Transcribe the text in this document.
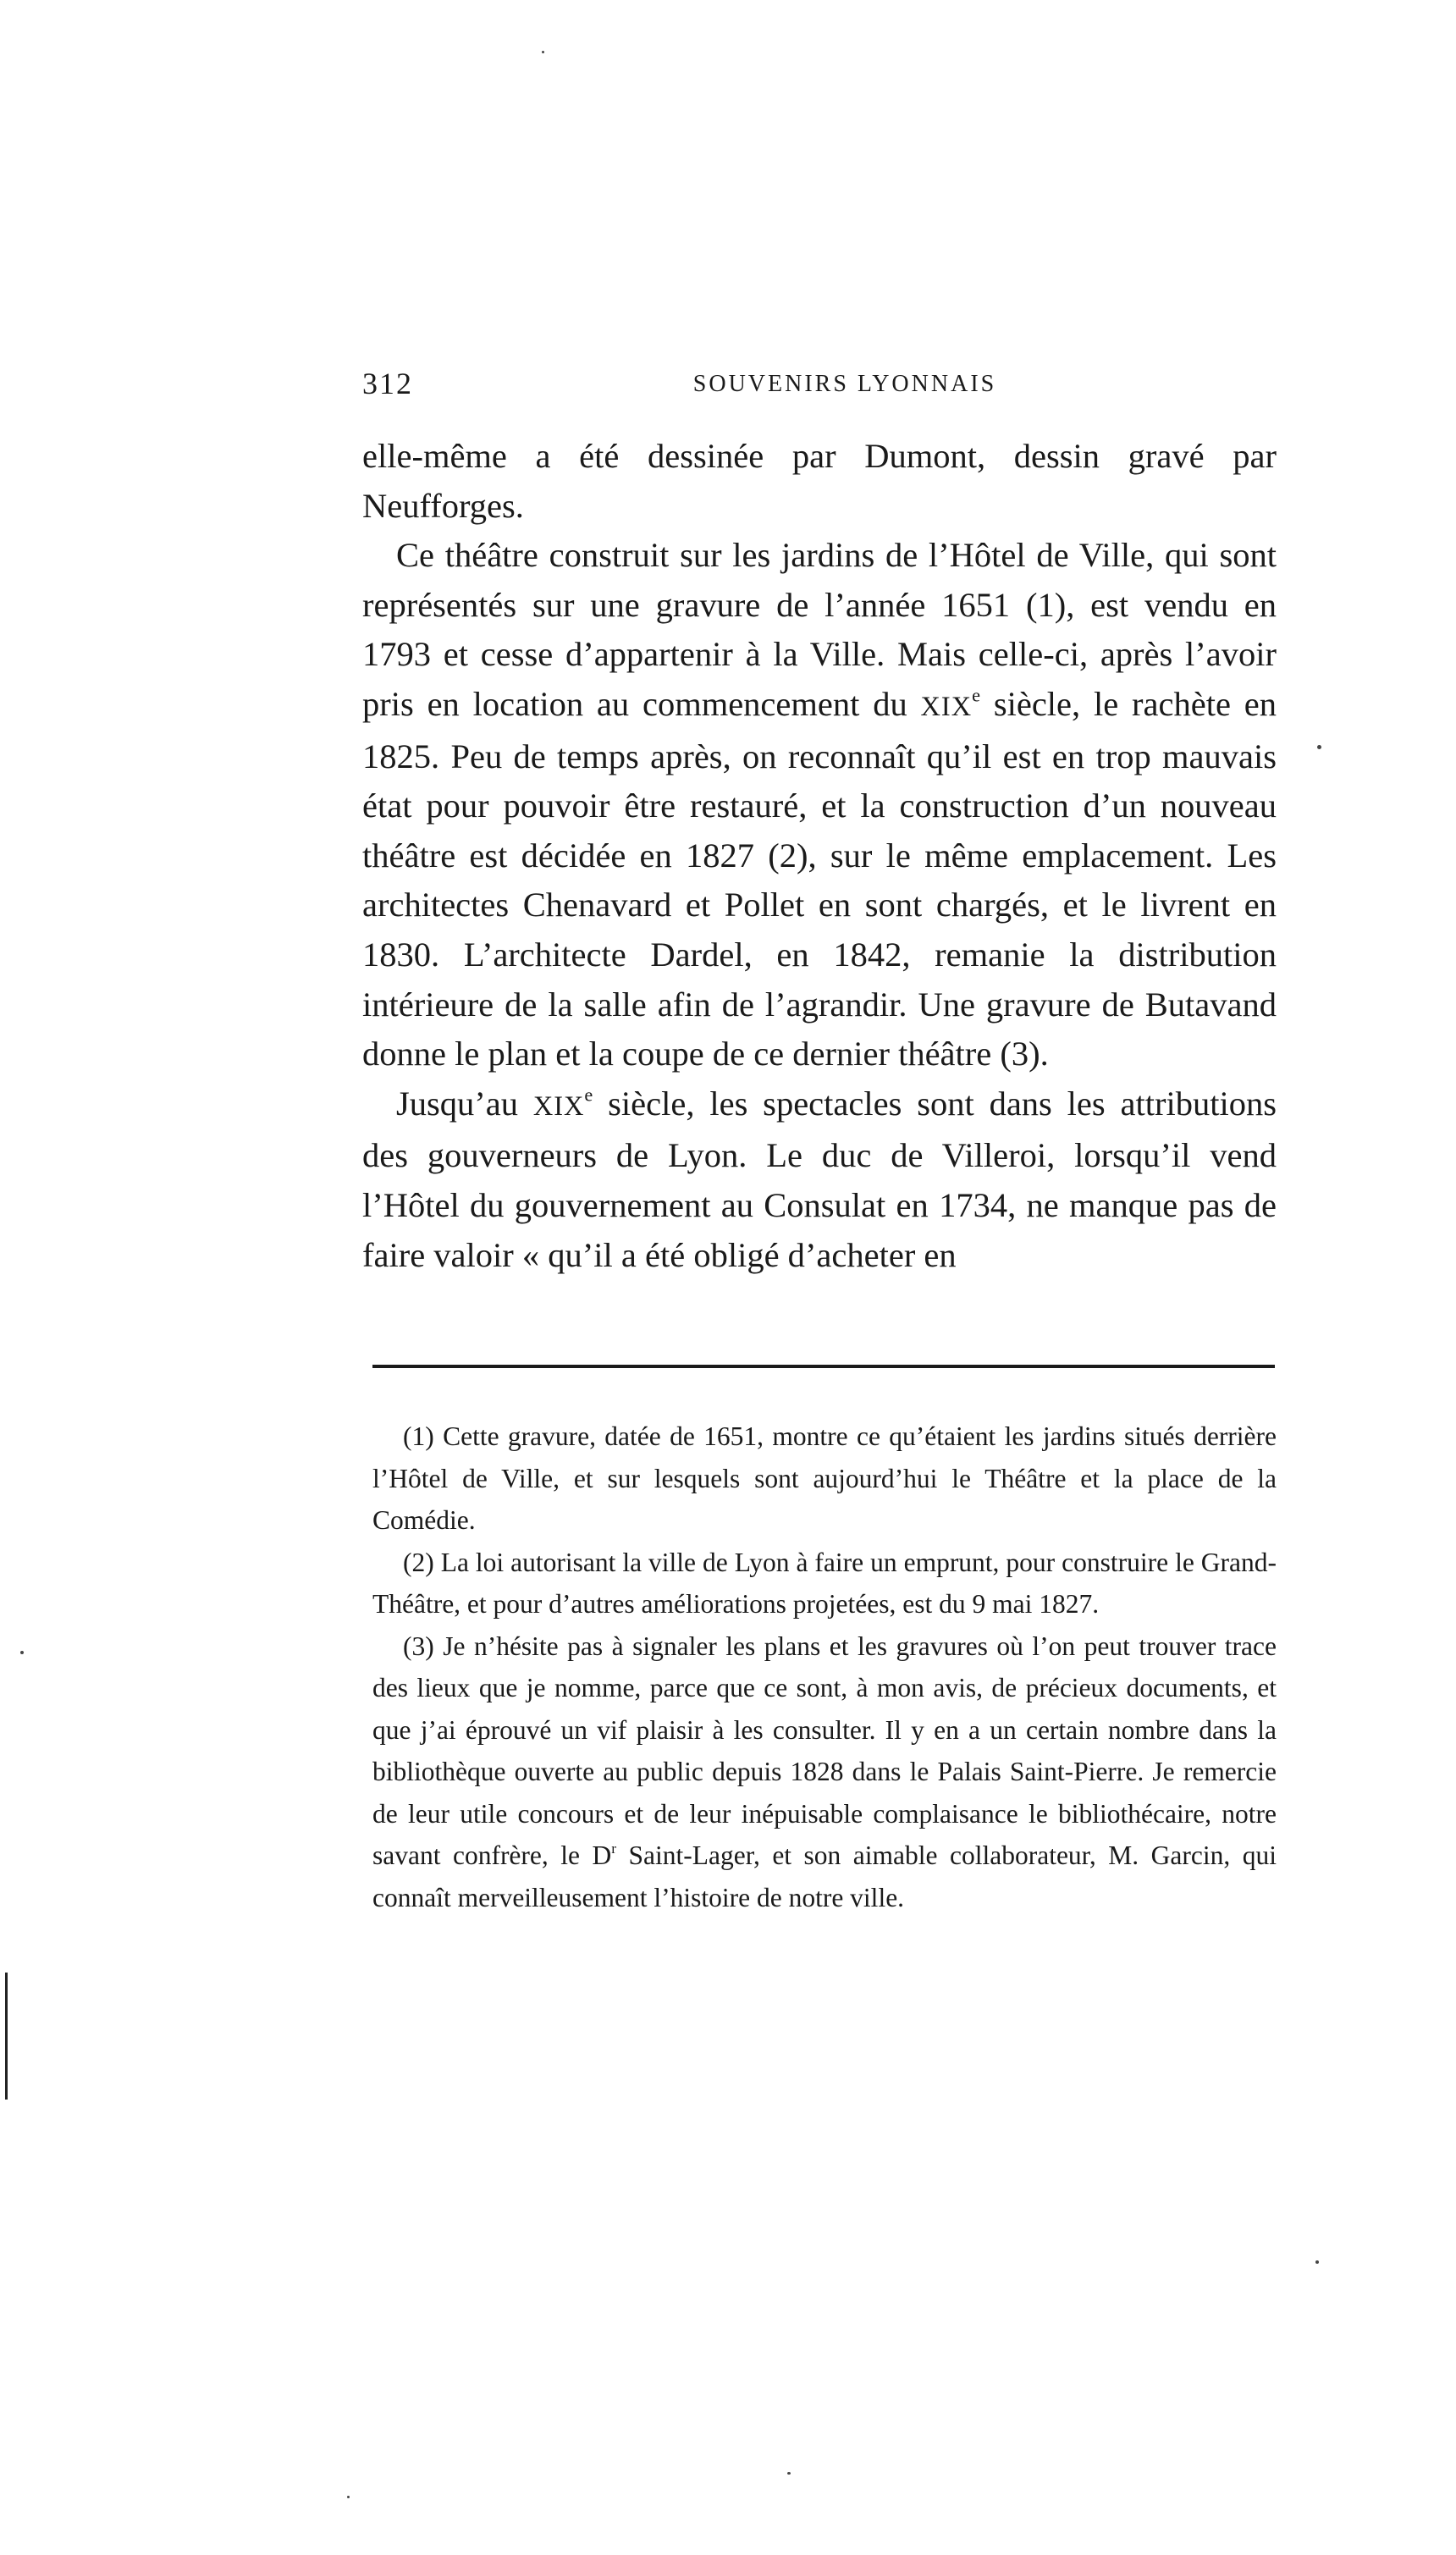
312	SOUVENIRS LYONNAIS

elle-même a été dessinée par Dumont, dessin gravé par Neufforges.

Ce théâtre construit sur les jardins de l’Hôtel de Ville, qui sont représentés sur une gravure de l’année 1651 (1), est vendu en 1793 et cesse d’appartenir à la Ville. Mais celle-ci, après l’avoir pris en location au commencement du XIXe siècle, le rachète en 1825. Peu de temps après, on reconnaît qu’il est en trop mauvais état pour pouvoir être restauré, et la construction d’un nouveau théâtre est décidée en 1827 (2), sur le même emplacement. Les architectes Chenavard et Pollet en sont chargés, et le livrent en 1830. L’architecte Dardel, en 1842, remanie la distribution intérieure de la salle afin de l’agrandir. Une gravure de Butavand donne le plan et la coupe de ce dernier théâtre (3).

Jusqu’au XIXe siècle, les spectacles sont dans les attributions des gouverneurs de Lyon. Le duc de Villeroi, lorsqu’il vend l’Hôtel du gouvernement au Consulat en 1734, ne manque pas de faire valoir « qu’il a été obligé d’acheter en

(1) Cette gravure, datée de 1651, montre ce qu’étaient les jardins situés derrière l’Hôtel de Ville, et sur lesquels sont aujourd’hui le Théâtre et la place de la Comédie.

(2) La loi autorisant la ville de Lyon à faire un emprunt, pour construire le Grand-Théâtre, et pour d’autres améliorations projetées, est du 9 mai 1827.

(3) Je n’hésite pas à signaler les plans et les gravures où l’on peut trouver trace des lieux que je nomme, parce que ce sont, à mon avis, de précieux documents, et que j’ai éprouvé un vif plaisir à les consulter. Il y en a un certain nombre dans la bibliothèque ouverte au public depuis 1828 dans le Palais Saint-Pierre. Je remercie de leur utile concours et de leur inépuisable complaisance le bibliothécaire, notre savant confrère, le $D^r$ Saint-Lager, et son aimable collaborateur, M. Garcin, qui connaît merveilleusement l’histoire de notre ville.
